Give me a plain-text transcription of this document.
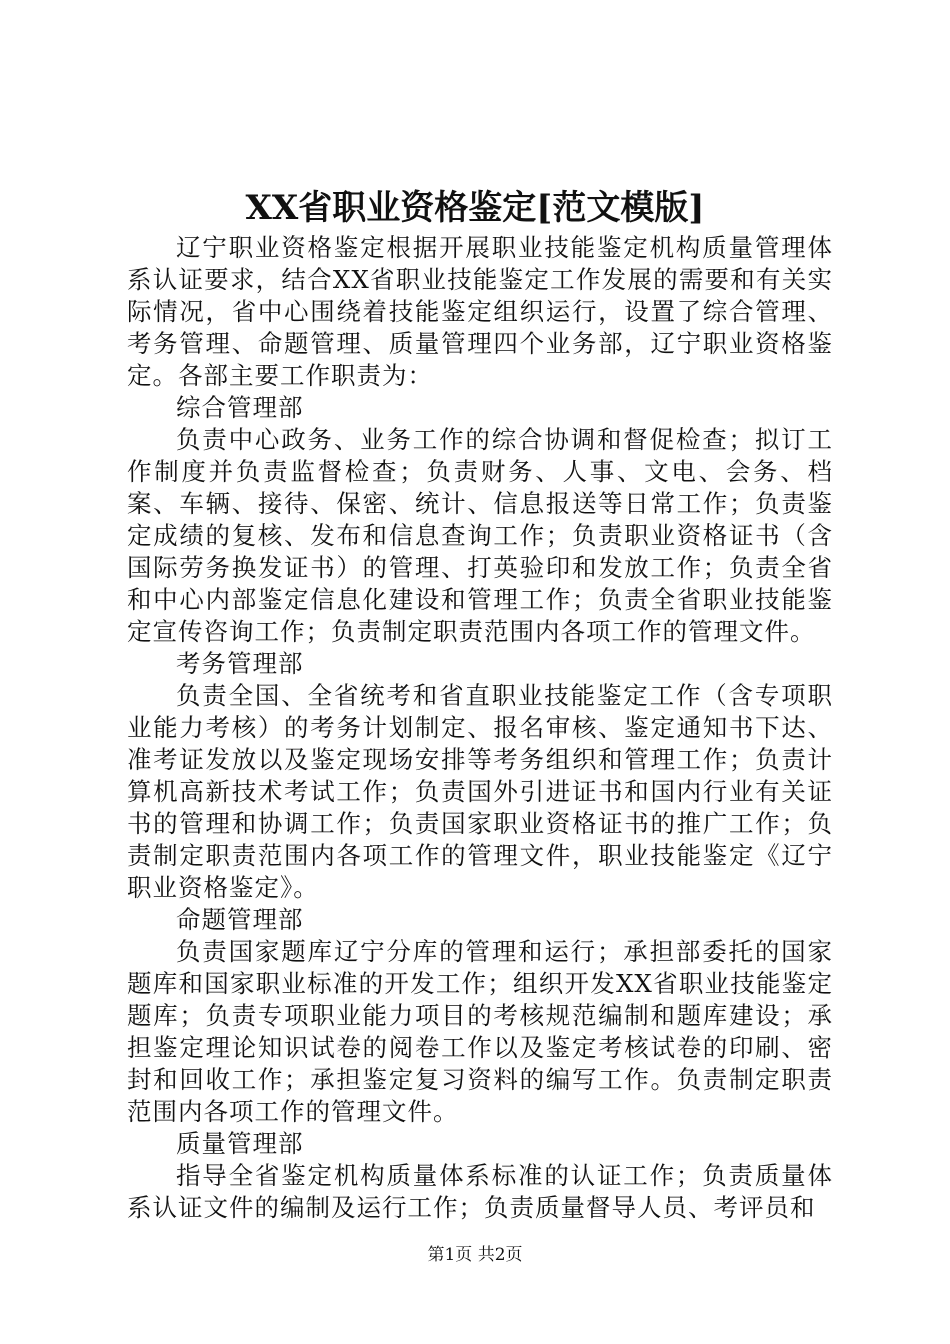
XX省职业资格鉴定[范文模版]

辽宁职业资格鉴定根据开展职业技能鉴定机构质量管理体系认证要求，结合XX省职业技能鉴定工作发展的需要和有关实际情况，省中心围绕着技能鉴定组织运行，设置了综合管理、考务管理、命题管理、质量管理四个业务部，辽宁职业资格鉴定。各部主要工作职责为：

综合管理部

负责中心政务、业务工作的综合协调和督促检查；拟订工作制度并负责监督检查；负责财务、人事、文电、会务、档案、车辆、接待、保密、统计、信息报送等日常工作；负责鉴定成绩的复核、发布和信息查询工作；负责职业资格证书（含国际劳务换发证书）的管理、打英验印和发放工作；负责全省和中心内部鉴定信息化建设和管理工作；负责全省职业技能鉴定宣传咨询工作；负责制定职责范围内各项工作的管理文件。

考务管理部

负责全国、全省统考和省直职业技能鉴定工作（含专项职业能力考核）的考务计划制定、报名审核、鉴定通知书下达、准考证发放以及鉴定现场安排等考务组织和管理工作；负责计算机高新技术考试工作；负责国外引进证书和国内行业有关证书的管理和协调工作；负责国家职业资格证书的推广工作；负责制定职责范围内各项工作的管理文件，职业技能鉴定《辽宁职业资格鉴定》。

命题管理部

负责国家题库辽宁分库的管理和运行；承担部委托的国家题库和国家职业标准的开发工作；组织开发XX省职业技能鉴定题库；负责专项职业能力项目的考核规范编制和题库建设；承担鉴定理论知识试卷的阅卷工作以及鉴定考核试卷的印刷、密封和回收工作；承担鉴定复习资料的编写工作。负责制定职责范围内各项工作的管理文件。

质量管理部

指导全省鉴定机构质量体系标准的认证工作；负责质量体系认证文件的编制及运行工作；负责质量督导人员、考评员和

第1页 共2页
